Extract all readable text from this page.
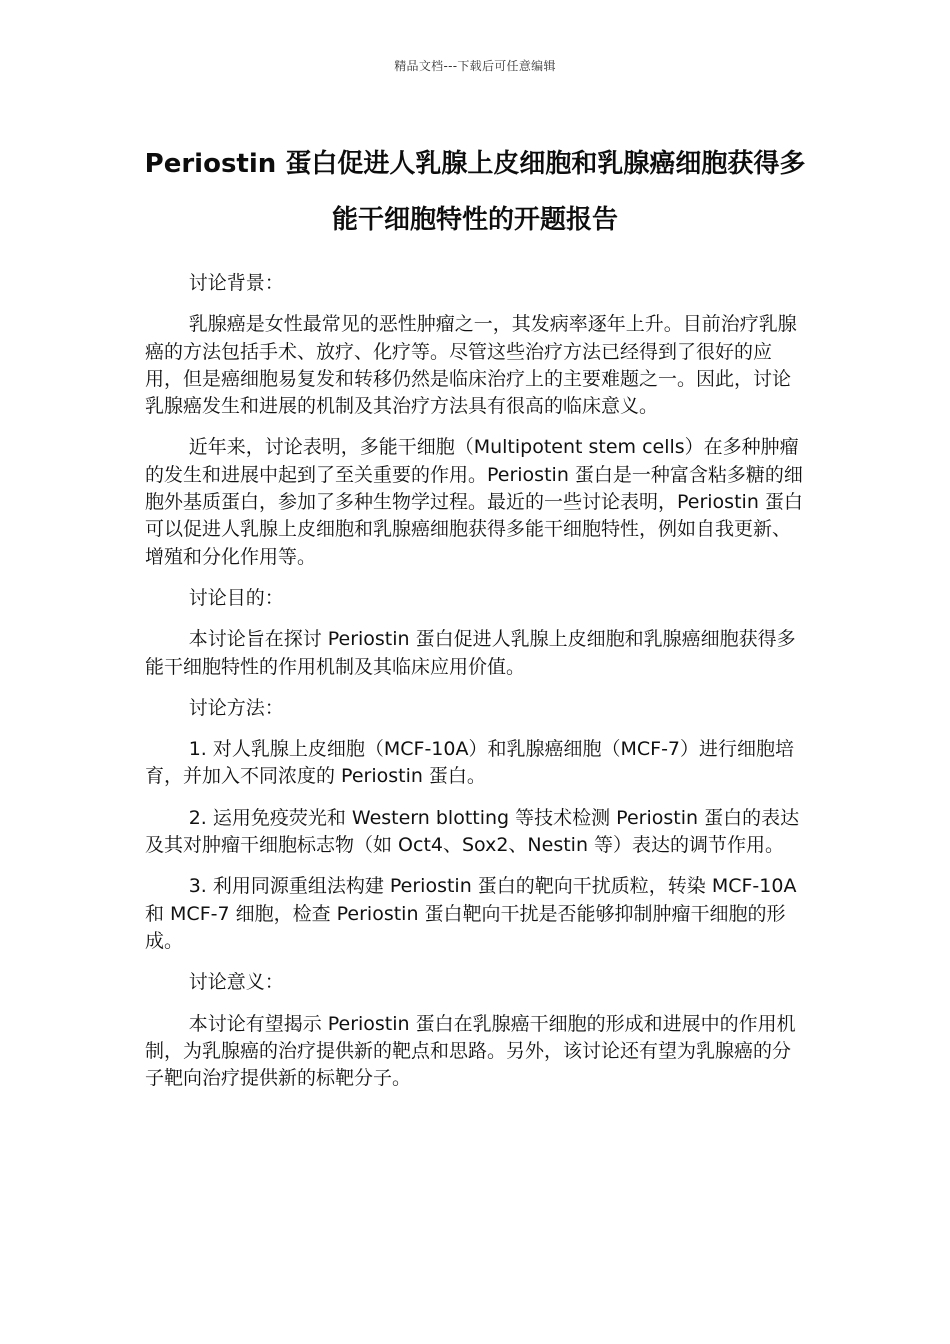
精品文档---下载后可任意编辑
Periostin 蛋白促进人乳腺上皮细胞和乳腺癌细胞获得多能干细胞特性的开题报告

讨论背景：

乳腺癌是女性最常见的恶性肿瘤之一，其发病率逐年上升。目前治疗乳腺癌的方法包括手术、放疗、化疗等。尽管这些治疗方法已经得到了很好的应用，但是癌细胞易复发和转移仍然是临床治疗上的主要难题之一。因此，讨论乳腺癌发生和进展的机制及其治疗方法具有很高的临床意义。

近年来，讨论表明，多能干细胞（Multipotent stem cells）在多种肿瘤的发生和进展中起到了至关重要的作用。Periostin 蛋白是一种富含粘多糖的细胞外基质蛋白，参加了多种生物学过程。最近的一些讨论表明，Periostin 蛋白可以促进人乳腺上皮细胞和乳腺癌细胞获得多能干细胞特性，例如自我更新、增殖和分化作用等。

讨论目的：

本讨论旨在探讨 Periostin 蛋白促进人乳腺上皮细胞和乳腺癌细胞获得多能干细胞特性的作用机制及其临床应用价值。

讨论方法：

1. 对人乳腺上皮细胞（MCF-10A）和乳腺癌细胞（MCF-7）进行细胞培育，并加入不同浓度的 Periostin 蛋白。

2. 运用免疫荧光和 Western blotting 等技术检测 Periostin 蛋白的表达及其对肿瘤干细胞标志物（如 Oct4、Sox2、Nestin 等）表达的调节作用。

3. 利用同源重组法构建 Periostin 蛋白的靶向干扰质粒，转染 MCF-10A 和 MCF-7 细胞，检查 Periostin 蛋白靶向干扰是否能够抑制肿瘤干细胞的形成。

讨论意义：

本讨论有望揭示 Periostin 蛋白在乳腺癌干细胞的形成和进展中的作用机制，为乳腺癌的治疗提供新的靶点和思路。另外，该讨论还有望为乳腺癌的分子靶向治疗提供新的标靶分子。
